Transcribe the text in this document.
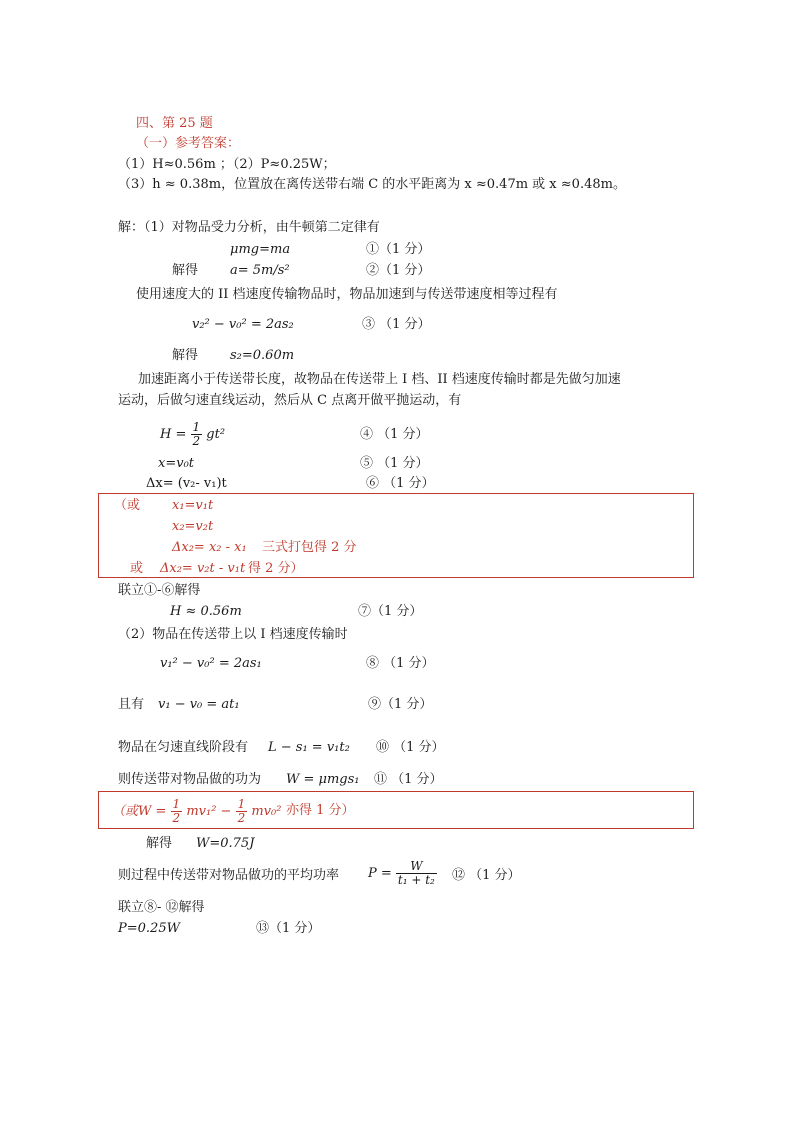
四、第 25 题
（一）参考答案：
（1）H≈0.56m ；（2）P≈0.25W；
（3）h ≈ 0.38m，位置放在离传送带右端 C 的水平距离为 x ≈0.47m 或 x ≈0.48m。
解：（1）对物品受力分析，由牛顿第二定律有
μmg=ma	①（1 分）
解得 a= 5m/s²	②（1 分）
使用速度大的 II 档速度传输物品时，物品加速到与传送带速度相等过程有
v₂² − v₀² = 2as₂	③ （1 分）
解得 s₂=0.60m
加速距离小于传送带长度，故物品在传送带上 I 档、II 档速度传输时都是先做匀加速
运动，后做匀速直线运动，然后从 C 点离开做平抛运动，有
$H = \frac{1}{2} gt^2$	④ （1 分）
x=v₀t	⑤ （1 分）
Δx= (v₂- v₁)t	⑥ （1 分）
（或 x₁=v₁t
x₂=v₂t
Δx₂= x₂ - x₁ 三式打包得 2 分
或 Δx₂= v₂t - v₁t 得 2 分）
联立①-⑥解得
H ≈ 0.56m	⑦（1 分）
（2）物品在传送带上以 I 档速度传输时
v₁² − v₀² = 2as₁	⑧ （1 分）
且有 v₁ − v₀ = at₁	⑨（1 分）
物品在匀速直线阶段有 L − s₁ = v₁t₂ ⑩ （1 分）
则传送带对物品做的功为 W = μmgs₁ ⑪ （1 分）
（或$W = \frac{1}{2} mv_1^2 - \frac{1}{2} mv_0^2$ 亦得 1 分）
解得 W=0.75J
则过程中传送带对物品做功的平均功率 $P = \frac{W}{\text{t₁ + t₂}}$ ⑫ （1 分）
联立⑧- ⑫解得
P=0.25W	⑬（1 分）
